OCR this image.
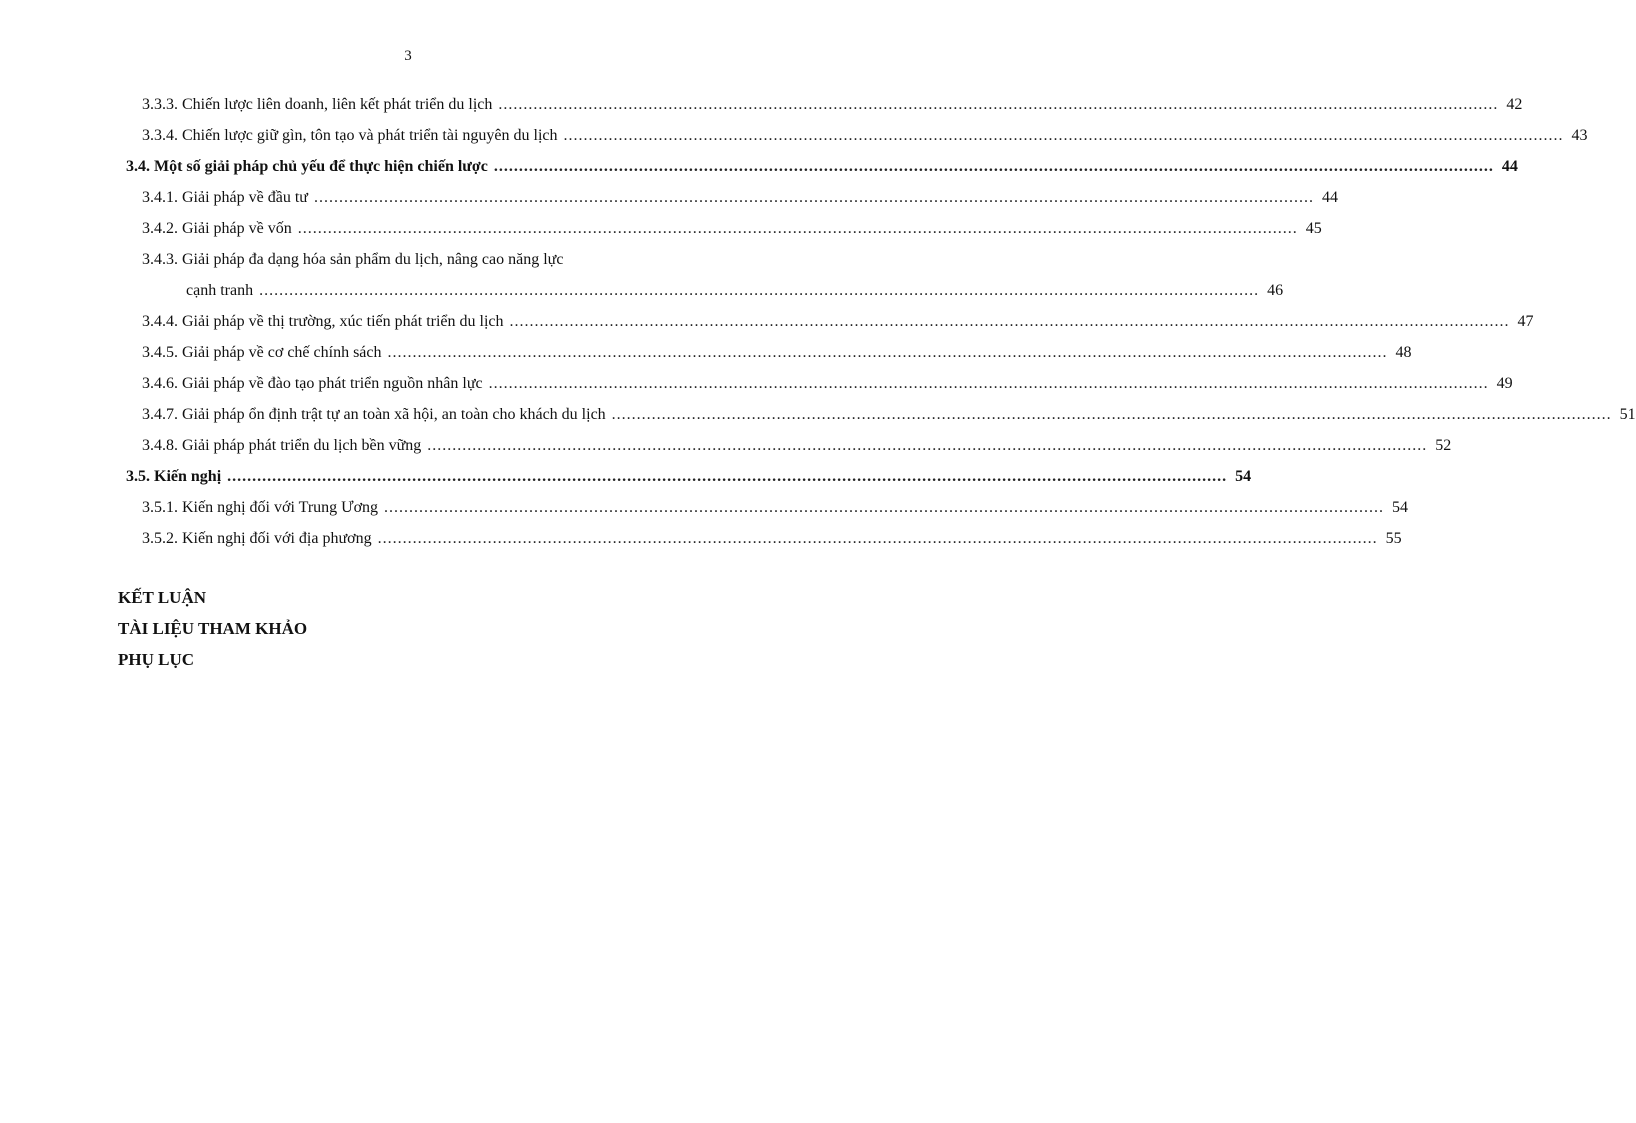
3
3.3.3. Chiến lược liên doanh, liên kết phát triển du lịch ........................................................................................................................................................................................................ 42
3.3.4. Chiến lược giữ gìn, tôn tạo và phát triển tài nguyên du lịch ........................................................................................................................................................................................................ 43
3.4. Một số giải pháp chủ yếu để thực hiện chiến lược ........................................................................................................................................................................................................ 44
3.4.1. Giải pháp về đầu tư ........................................................................................................................................................................................................ 44
3.4.2. Giải pháp về vốn ........................................................................................................................................................................................................ 45
3.4.3. Giải pháp đa dạng hóa sản phẩm du lịch, nâng cao năng lực
cạnh tranh ........................................................................................................................................................................................................ 46
3.4.4. Giải pháp về thị trường, xúc tiến phát triển du lịch ........................................................................................................................................................................................................ 47
3.4.5. Giải pháp về cơ chế chính sách ........................................................................................................................................................................................................ 48
3.4.6. Giải pháp về đào tạo phát triển nguồn nhân lực ........................................................................................................................................................................................................ 49
3.4.7. Giải pháp ổn định trật tự an toàn xã hội, an toàn cho khách du lịch ........................................................................................................................................................................................................ 51
3.4.8. Giải pháp phát triển du lịch bền vững ........................................................................................................................................................................................................ 52
3.5. Kiến nghị ........................................................................................................................................................................................................ 54
3.5.1. Kiến nghị đối với Trung Ương ........................................................................................................................................................................................................ 54
3.5.2. Kiến nghị đối với địa phương ........................................................................................................................................................................................................ 55
KẾT LUẬN
TÀI LIỆU THAM KHẢO
PHỤ LỤC
